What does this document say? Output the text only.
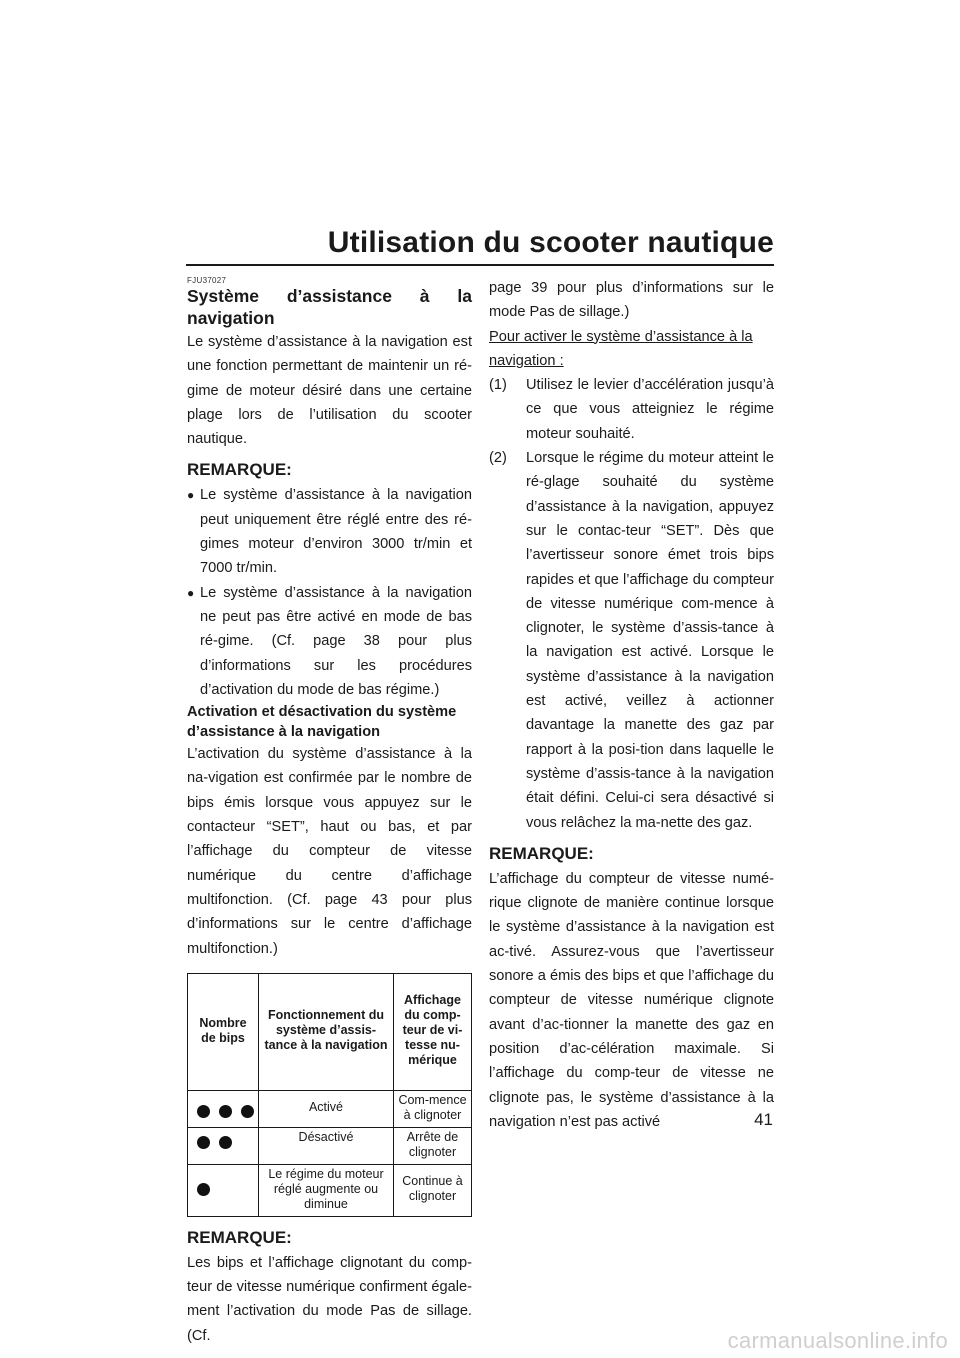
Utilisation du scooter nautique
FJU37027
Système d’assistance à la navigation

Le système d’assistance à la navigation est une fonction permettant de maintenir un ré-gime de moteur désiré dans une certaine plage lors de l’utilisation du scooter nautique.

REMARQUE:
● Le système d’assistance à la navigation peut uniquement être réglé entre des ré-gimes moteur d’environ 3000 tr/min et 7000 tr/min.
● Le système d’assistance à la navigation ne peut pas être activé en mode de bas ré-gime. (Cf. page 38 pour plus d’informations sur les procédures d’activation du mode de bas régime.)
Activation et désactivation du système d’assistance à la navigation

L’activation du système d’assistance à la na-vigation est confirmée par le nombre de bips émis lorsque vous appuyez sur le contacteur “SET”, haut ou bas, et par l’affichage du compteur de vitesse numérique du centre d’affichage multifonction. (Cf. page 43 pour plus d’informations sur le centre d’affichage multifonction.)

Nombre de bips	Fonctionnement du système d’assis-tance à la navigation	Affichage du comp-teur de vi-tesse nu-mérique

	Activé	Com-mence à clignoter

	Désactivé	Arrête de clignoter

	Le régime du moteur réglé augmente ou diminue	Continue à clignoter
REMARQUE:

Les bips et l’affichage clignotant du comp-teur de vitesse numérique confirment égale-ment l’activation du mode Pas de sillage. (Cf.

page 39 pour plus d’informations sur le mode Pas de sillage.)

Pour activer le système d’assistance à la navigation :

(1) Utilisez le levier d’accélération jusqu’à ce que vous atteigniez le régime moteur souhaité.
(2) Lorsque le régime du moteur atteint le ré-glage souhaité du système d’assistance à la navigation, appuyez sur le contac-teur “SET”. Dès que l’avertisseur sonore émet trois bips rapides et que l’affichage du compteur de vitesse numérique com-mence à clignoter, le système d’assis-tance à la navigation est activé. Lorsque le système d’assistance à la navigation est activé, veillez à actionner davantage la manette des gaz par rapport à la posi-tion dans laquelle le système d’assis-tance à la navigation était défini. Celui-ci sera désactivé si vous relâchez la ma-nette des gaz.
REMARQUE:

L’affichage du compteur de vitesse numé-rique clignote de manière continue lorsque le système d’assistance à la navigation est ac-tivé. Assurez-vous que l’avertisseur sonore a émis des bips et que l’affichage du compteur de vitesse numérique clignote avant d’ac-tionner la manette des gaz en position d’ac-célération maximale. Si l’affichage du comp-teur de vitesse ne clignote pas, le système d’assistance à la navigation n’est pas activé	41
carmanualsonline.info
